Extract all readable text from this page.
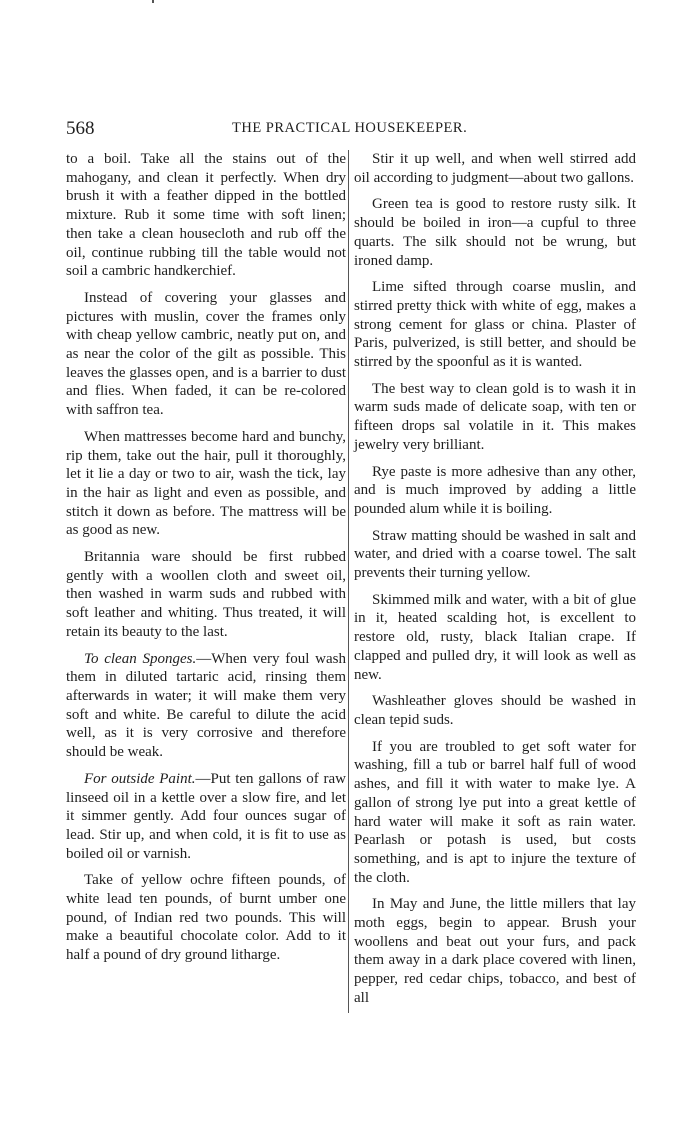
568	THE PRACTICAL HOUSEKEEPER.

to a boil. Take all the stains out of the mahogany, and clean it perfectly. When dry brush it with a feather dipped in the bottled mixture. Rub it some time with soft linen; then take a clean housecloth and rub off the oil, continue rubbing till the table would not soil a cambric handkerchief.

Instead of covering your glasses and pictures with muslin, cover the frames only with cheap yellow cambric, neatly put on, and as near the color of the gilt as possible. This leaves the glasses open, and is a barrier to dust and flies. When faded, it can be re-colored with saffron tea.

When mattresses become hard and bunchy, rip them, take out the hair, pull it thoroughly, let it lie a day or two to air, wash the tick, lay in the hair as light and even as possible, and stitch it down as before. The mattress will be as good as new.

Britannia ware should be first rubbed gently with a woollen cloth and sweet oil, then washed in warm suds and rubbed with soft leather and whiting. Thus treated, it will retain its beauty to the last.

To clean Sponges.—When very foul wash them in diluted tartaric acid, rinsing them afterwards in water; it will make them very soft and white. Be careful to dilute the acid well, as it is very corrosive and therefore should be weak.

For outside Paint.—Put ten gallons of raw linseed oil in a kettle over a slow fire, and let it simmer gently. Add four ounces sugar of lead. Stir up, and when cold, it is fit to use as boiled oil or varnish.

Take of yellow ochre fifteen pounds, of white lead ten pounds, of burnt umber one pound, of Indian red two pounds. This will make a beautiful chocolate color. Add to it half a pound of dry ground litharge.

Stir it up well, and when well stirred add oil according to judgment—about two gallons.

Green tea is good to restore rusty silk. It should be boiled in iron—a cupful to three quarts. The silk should not be wrung, but ironed damp.

Lime sifted through coarse muslin, and stirred pretty thick with white of egg, makes a strong cement for glass or china. Plaster of Paris, pulverized, is still better, and should be stirred by the spoonful as it is wanted.

The best way to clean gold is to wash it in warm suds made of delicate soap, with ten or fifteen drops sal volatile in it. This makes jewelry very brilliant.

Rye paste is more adhesive than any other, and is much improved by adding a little pounded alum while it is boiling.

Straw matting should be washed in salt and water, and dried with a coarse towel. The salt prevents their turning yellow.

Skimmed milk and water, with a bit of glue in it, heated scalding hot, is excellent to restore old, rusty, black Italian crape. If clapped and pulled dry, it will look as well as new.

Washleather gloves should be washed in clean tepid suds.

If you are troubled to get soft water for washing, fill a tub or barrel half full of wood ashes, and fill it with water to make lye. A gallon of strong lye put into a great kettle of hard water will make it soft as rain water. Pearlash or potash is used, but costs something, and is apt to injure the texture of the cloth.

In May and June, the little millers that lay moth eggs, begin to appear. Brush your woollens and beat out your furs, and pack them away in a dark place covered with linen, pepper, red cedar chips, tobacco, and best of all
